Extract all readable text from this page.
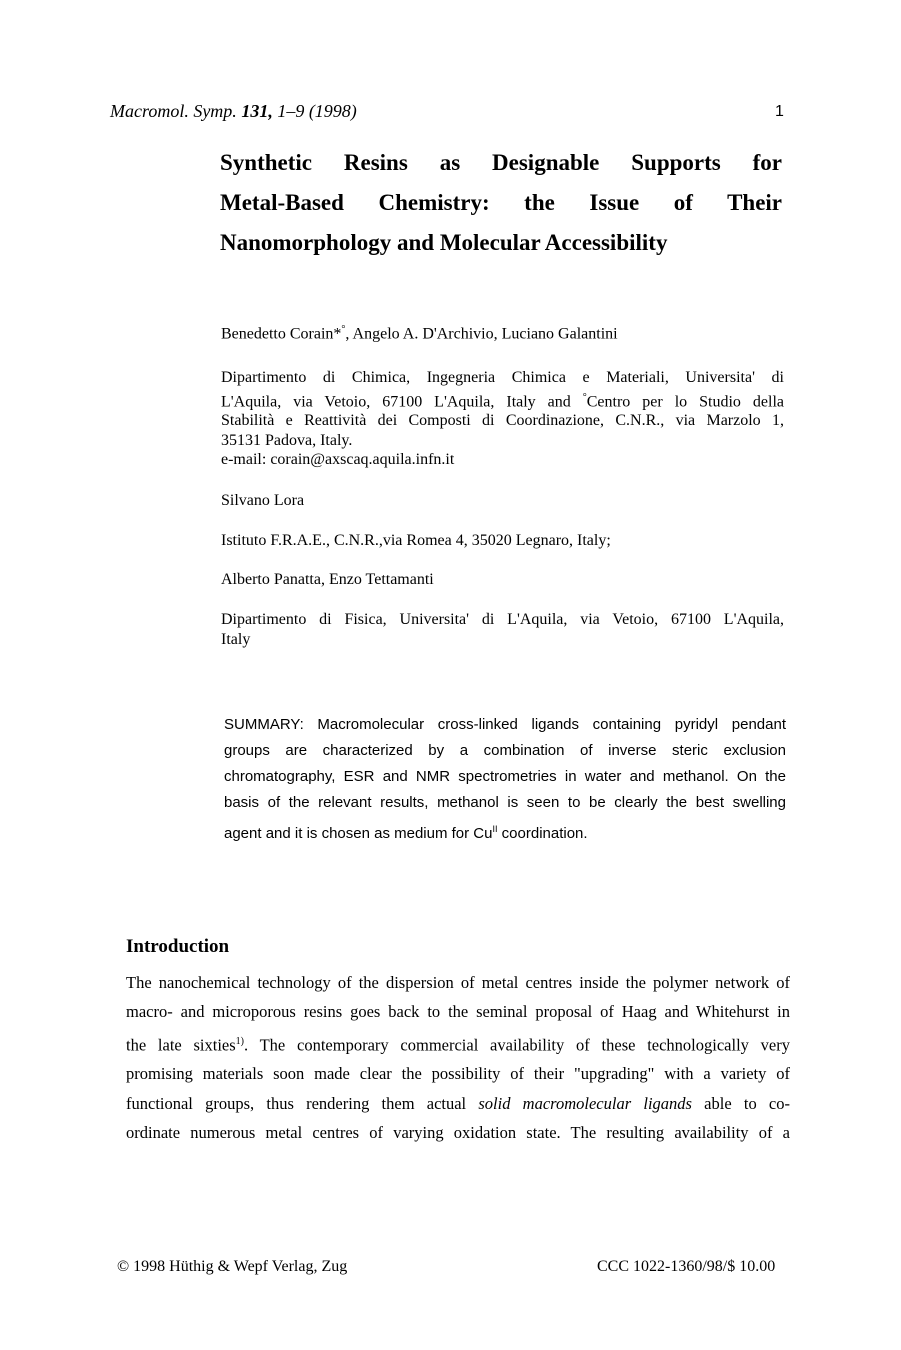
Macromol. Symp. 131, 1–9 (1998)	1
Synthetic Resins as Designable Supports for
Metal-Based Chemistry: the Issue of Their
Nanomorphology and Molecular Accessibility
Benedetto Corain*°, Angelo A. D'Archivio, Luciano Galantini
Dipartimento di Chimica, Ingegneria Chimica e Materiali, Universita' di
L'Aquila, via Vetoio, 67100 L'Aquila, Italy and °Centro per lo Studio della
Stabilità e Reattività dei Composti di Coordinazione, C.N.R., via Marzolo 1,
35131 Padova, Italy.
e-mail: corain@axscaq.aquila.infn.it
Silvano Lora
Istituto F.R.A.E., C.N.R.,via Romea 4, 35020 Legnaro, Italy;
Alberto Panatta, Enzo Tettamanti
Dipartimento di Fisica, Universita' di L'Aquila, via Vetoio, 67100 L'Aquila,
Italy
SUMMARY: Macromolecular cross-linked ligands containing pyridyl pendant
groups are characterized by a combination of inverse steric exclusion
chromatography, ESR and NMR spectrometries in water and methanol. On the
basis of the relevant results, methanol is seen to be clearly the best swelling
agent and it is chosen as medium for $Cu^{II}$ coordination.
Introduction
The nanochemical technology of the dispersion of metal centres inside the polymer network of
macro- and microporous resins goes back to the seminal proposal of Haag and Whitehurst in
the late sixties$^{1)}$. The contemporary commercial availability of these technologically very
promising materials soon made clear the possibility of their "upgrading" with a variety of
functional groups, thus rendering them actual solid macromolecular ligands able to co-
ordinate numerous metal centres of varying oxidation state. The resulting availability of a
© 1998 Hüthig & Wepf Verlag, Zug	CCC 1022-1360/98/$ 10.00
